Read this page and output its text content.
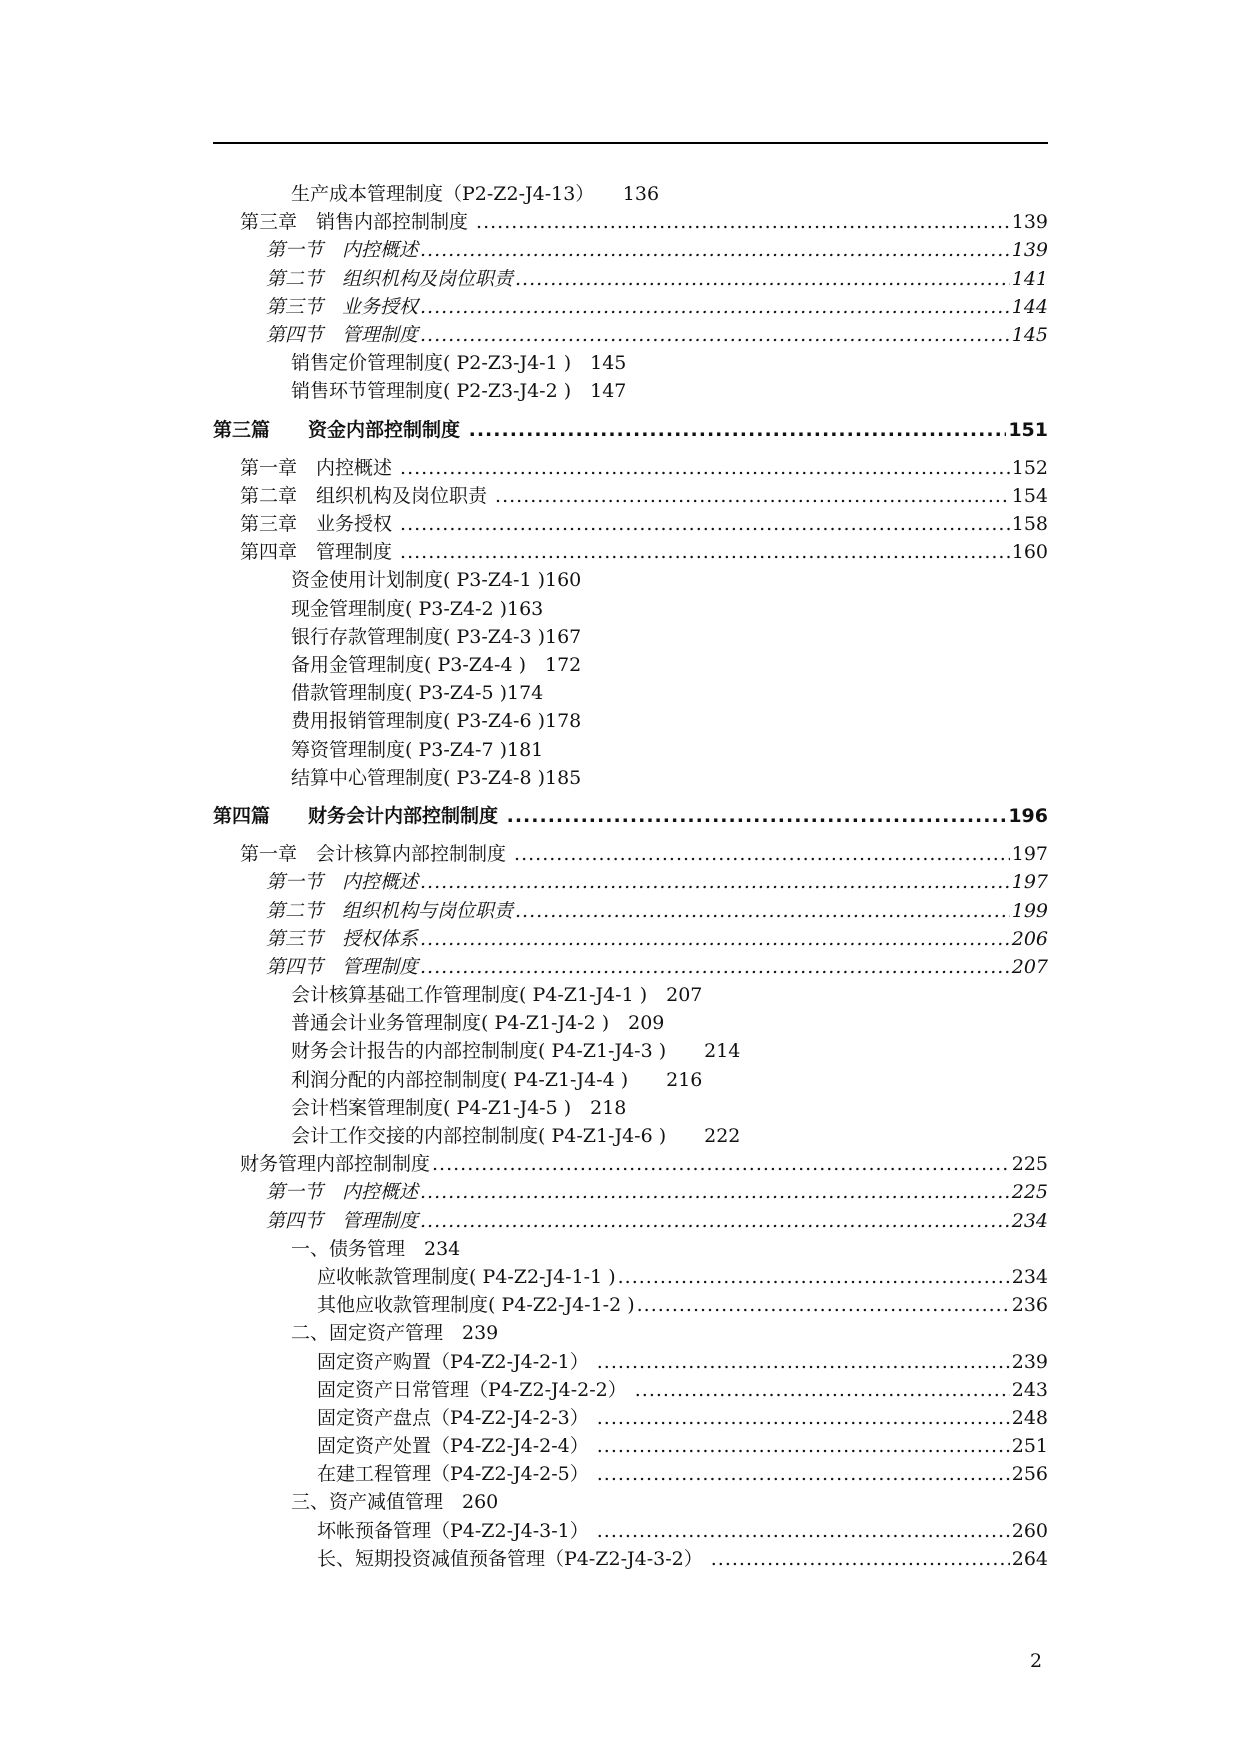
生产成本管理制度（P2-Z2-J4-13）　　136
第三章　销售内部控制制度 .....	139
第一节　内控概述 .....	139
第二节　组织机构及岗位职责 .....	141
第三节　业务授权 .....	144
第四节　管理制度 .....	145
销售定价管理制度( P2-Z3-J4-1 )　145
销售环节管理制度( P2-Z3-J4-2 )　147
第三篇　　资金内部控制制度 .....	151
第一章　内控概述 .....	152
第二章　组织机构及岗位职责 .....	154
第三章　业务授权 .....	158
第四章　管理制度 .....	160
资金使用计划制度( P3-Z4-1 )160
现金管理制度( P3-Z4-2 )163
银行存款管理制度( P3-Z4-3 )167
备用金管理制度( P3-Z4-4 )　172
借款管理制度( P3-Z4-5 )174
费用报销管理制度( P3-Z4-6 )178
筹资管理制度( P3-Z4-7 )181
结算中心管理制度( P3-Z4-8 )185
第四篇　　财务会计内部控制制度 .....	196
第一章　会计核算内部控制制度 .....	197
第一节　内控概述 .....	197
第二节　组织机构与岗位职责 .....	199
第三节　授权体系 .....	206
第四节　管理制度 .....	207
会计核算基础工作管理制度( P4-Z1-J4-1 )　207
普通会计业务管理制度( P4-Z1-J4-2 )　209
财务会计报告的内部控制制度( P4-Z1-J4-3 )　　214
利润分配的内部控制制度( P4-Z1-J4-4 )　　216
会计档案管理制度( P4-Z1-J4-5 )　218
会计工作交接的内部控制制度( P4-Z1-J4-6 )　　222
财务管理内部控制制度 .....	225
第一节　内控概述 .....	225
第四节　管理制度 .....	234
一、债务管理　234
应收帐款管理制度( P4-Z2-J4-1-1 ) .....	234
其他应收款管理制度( P4-Z2-J4-1-2 ) .....	236
二、固定资产管理　239
固定资产购置（P4-Z2-J4-2-1） .....	239
固定资产日常管理（P4-Z2-J4-2-2） .....	243
固定资产盘点（P4-Z2-J4-2-3） .....	248
固定资产处置（P4-Z2-J4-2-4） .....	251
在建工程管理（P4-Z2-J4-2-5） .....	256
三、资产减值管理　260
坏帐预备管理（P4-Z2-J4-3-1） .....	260
长、短期投资减值预备管理（P4-Z2-J4-3-2） .....	264
2
